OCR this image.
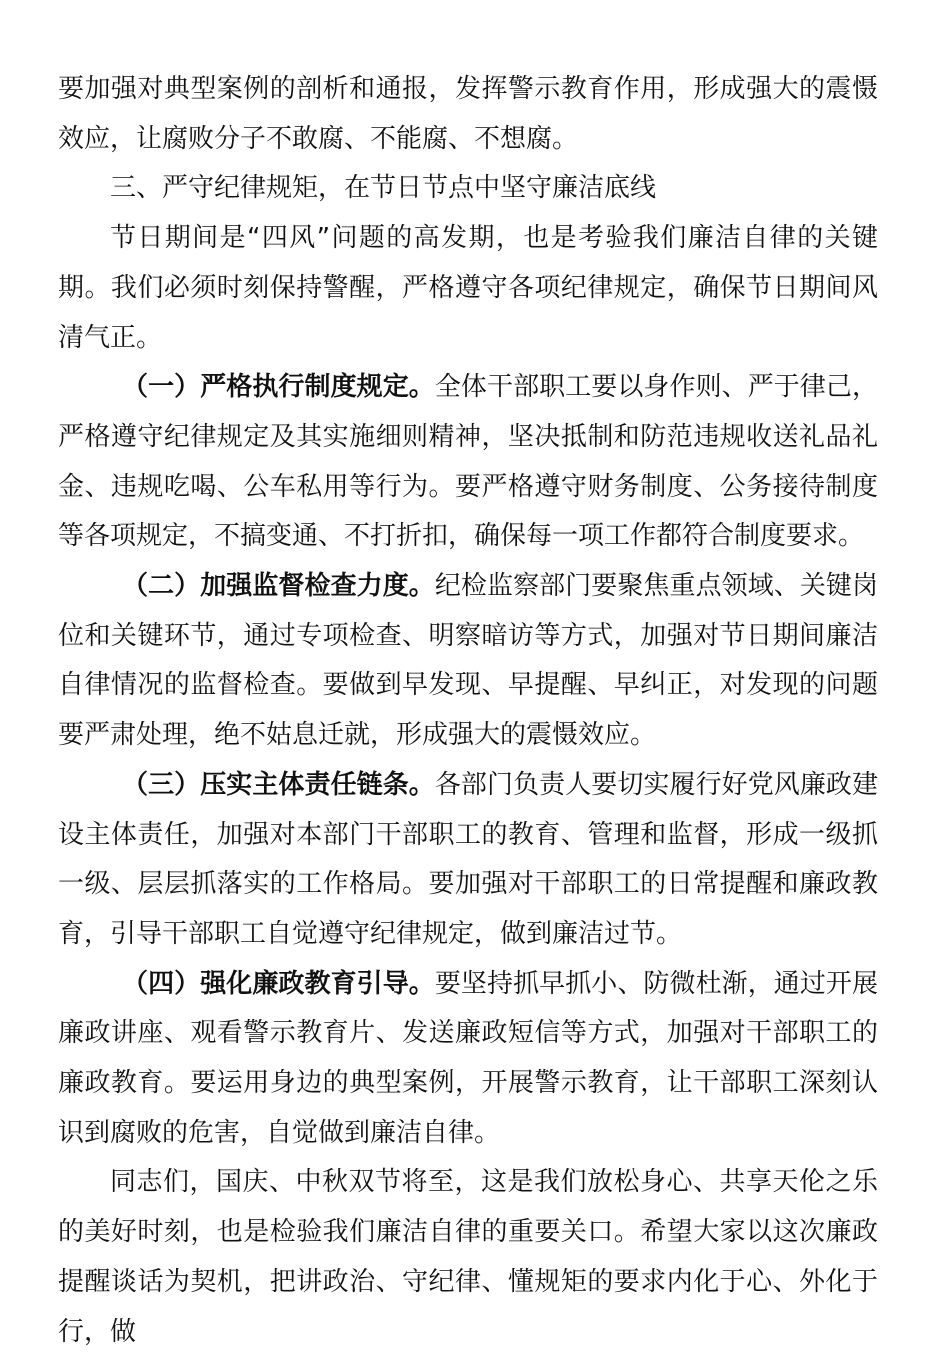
要加强对典型案例的剖析和通报，发挥警示教育作用，形成强大的震慑效应，让腐败分子不敢腐、不能腐、不想腐。

三、严守纪律规矩，在节日节点中坚守廉洁底线

节日期间是“四风”问题的高发期，也是考验我们廉洁自律的关键期。我们必须时刻保持警醒，严格遵守各项纪律规定，确保节日期间风清气正。

（一）严格执行制度规定。全体干部职工要以身作则、严于律己，严格遵守纪律规定及其实施细则精神，坚决抵制和防范违规收送礼品礼金、违规吃喝、公车私用等行为。要严格遵守财务制度、公务接待制度等各项规定，不搞变通、不打折扣，确保每一项工作都符合制度要求。

（二）加强监督检查力度。纪检监察部门要聚焦重点领域、关键岗位和关键环节，通过专项检查、明察暗访等方式，加强对节日期间廉洁自律情况的监督检查。要做到早发现、早提醒、早纠正，对发现的问题要严肃处理，绝不姑息迁就，形成强大的震慑效应。

（三）压实主体责任链条。各部门负责人要切实履行好党风廉政建设主体责任，加强对本部门干部职工的教育、管理和监督，形成一级抓一级、层层抓落实的工作格局。要加强对干部职工的日常提醒和廉政教育，引导干部职工自觉遵守纪律规定，做到廉洁过节。

（四）强化廉政教育引导。要坚持抓早抓小、防微杜渐，通过开展廉政讲座、观看警示教育片、发送廉政短信等方式，加强对干部职工的廉政教育。要运用身边的典型案例，开展警示教育，让干部职工深刻认识到腐败的危害，自觉做到廉洁自律。

同志们，国庆、中秋双节将至，这是我们放松身心、共享天伦之乐的美好时刻，也是检验我们廉洁自律的重要关口。希望大家以这次廉政提醒谈话为契机，把讲政治、守纪律、懂规矩的要求内化于心、外化于行，做
